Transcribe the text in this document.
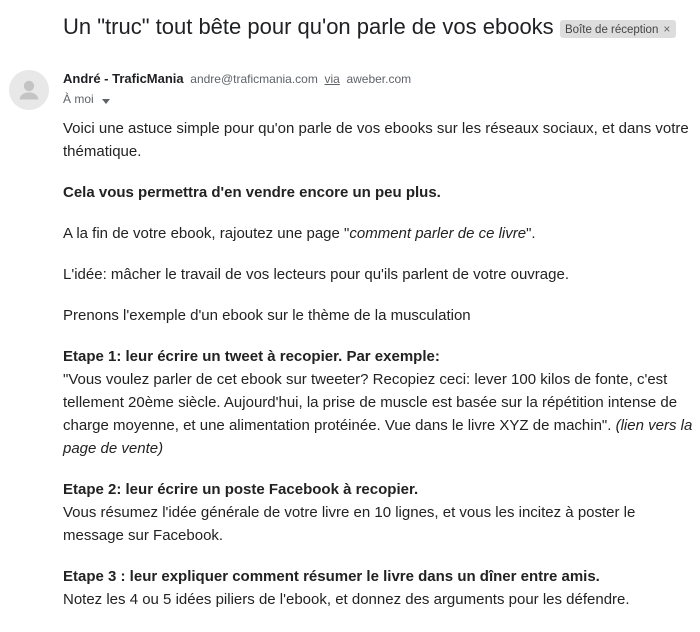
Un "truc" tout bête pour qu'on parle de vos ebooks Boîte de réception ×
André - TraficMania andre@traficmania.com via aweber.com
À moi

Voici une astuce simple pour qu'on parle de vos ebooks sur les réseaux sociaux, et dans votre thématique.

Cela vous permettra d'en vendre encore un peu plus.

A la fin de votre ebook, rajoutez une page "comment parler de ce livre".

L'idée: mâcher le travail de vos lecteurs pour qu'ils parlent de votre ouvrage.

Prenons l'exemple d'un ebook sur le thème de la musculation

Etape 1: leur écrire un tweet à recopier. Par exemple:
"Vous voulez parler de cet ebook sur tweeter? Recopiez ceci: lever 100 kilos de fonte, c'est tellement 20ème siècle. Aujourd'hui, la prise de muscle est basée sur la répétition intense de charge moyenne, et une alimentation protéinée. Vue dans le livre XYZ de machin". (lien vers la page de vente)

Etape 2: leur écrire un poste Facebook à recopier.
Vous résumez l'idée générale de votre livre en 10 lignes, et vous les incitez à poster le message sur Facebook.

Etape 3 : leur expliquer comment résumer le livre dans un dîner entre amis.
Notez les 4 ou 5 idées piliers de l'ebook, et donnez des arguments pour les défendre.
